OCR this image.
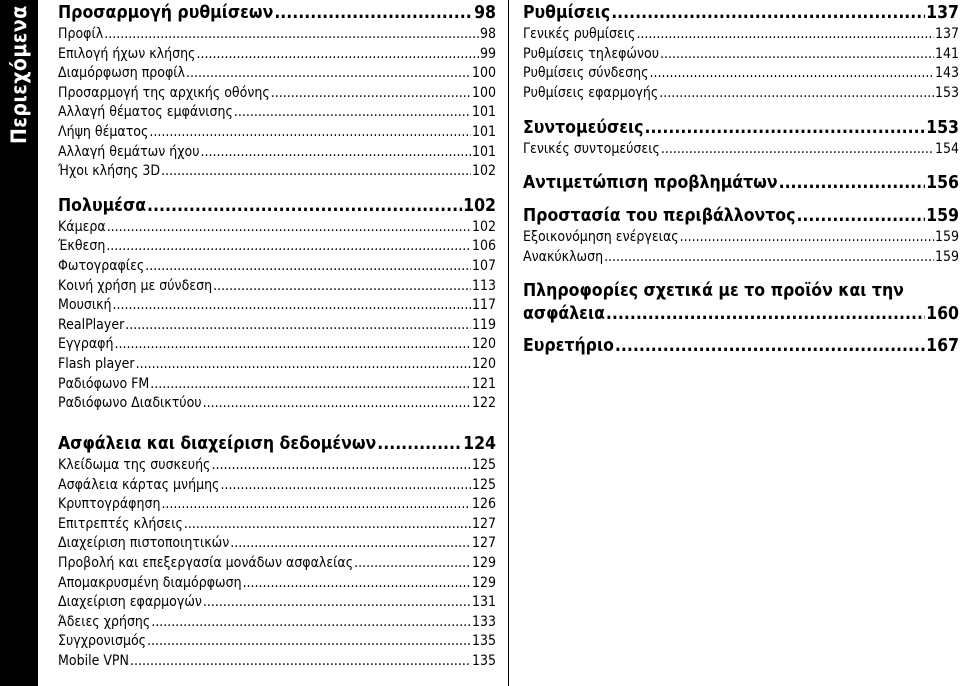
Περιεχόμενα Προσαρμογή ρυθμίσεων .....	98
Προφίλ .....	98
Επιλογή ήχων κλήσης .....	99
Διαμόρφωση προφίλ .....	100
Προσαρμογή της αρχικής οθόνης .....	100
Αλλαγή θέματος εμφάνισης .....	101
Λήψη θέματος .....	101
Αλλαγή θεμάτων ήχου .....	101
Ήχοι κλήσης 3D .....	102
Πολυμέσα .....	102
Κάμερα .....	102
Έκθεση .....	106
Φωτογραφίες .....	107
Κοινή χρήση με σύνδεση .....	113
Μουσική .....	117
RealPlayer .....	119
Εγγραφή .....	120
Flash player .....	120
Ραδιόφωνο FM .....	121
Ραδιόφωνο Διαδικτύου .....	122
Ασφάλεια και διαχείριση δεδομένων .....	124
Κλείδωμα της συσκευής .....	125
Ασφάλεια κάρτας μνήμης .....	125
Κρυπτογράφηση .....	126
Επιτρεπτές κλήσεις .....	127
Διαχείριση πιστοποιητικών .....	127
Προβολή και επεξεργασία μονάδων ασφαλείας .....	129
Απομακρυσμένη διαμόρφωση .....	129
Διαχείριση εφαρμογών .....	131
Άδειες χρήσης .....	133
Συγχρονισμός .....	135
Mobile VPN .....	135
Ρυθμίσεις .....	137
Γενικές ρυθμίσεις .....	137
Ρυθμίσεις τηλεφώνου .....	141
Ρυθμίσεις σύνδεσης .....	143
Ρυθμίσεις εφαρμογής .....	153
Συντομεύσεις .....	153
Γενικές συντομεύσεις .....	154
Αντιμετώπιση προβλημάτων .....	156
Προστασία του περιβάλλοντος .....	159
Εξοικονόμηση ενέργειας .....	159
Ανακύκλωση .....	159
Πληροφορίες σχετικά με το προϊόν και την
ασφάλεια .....	160
Ευρετήριο .....	167
